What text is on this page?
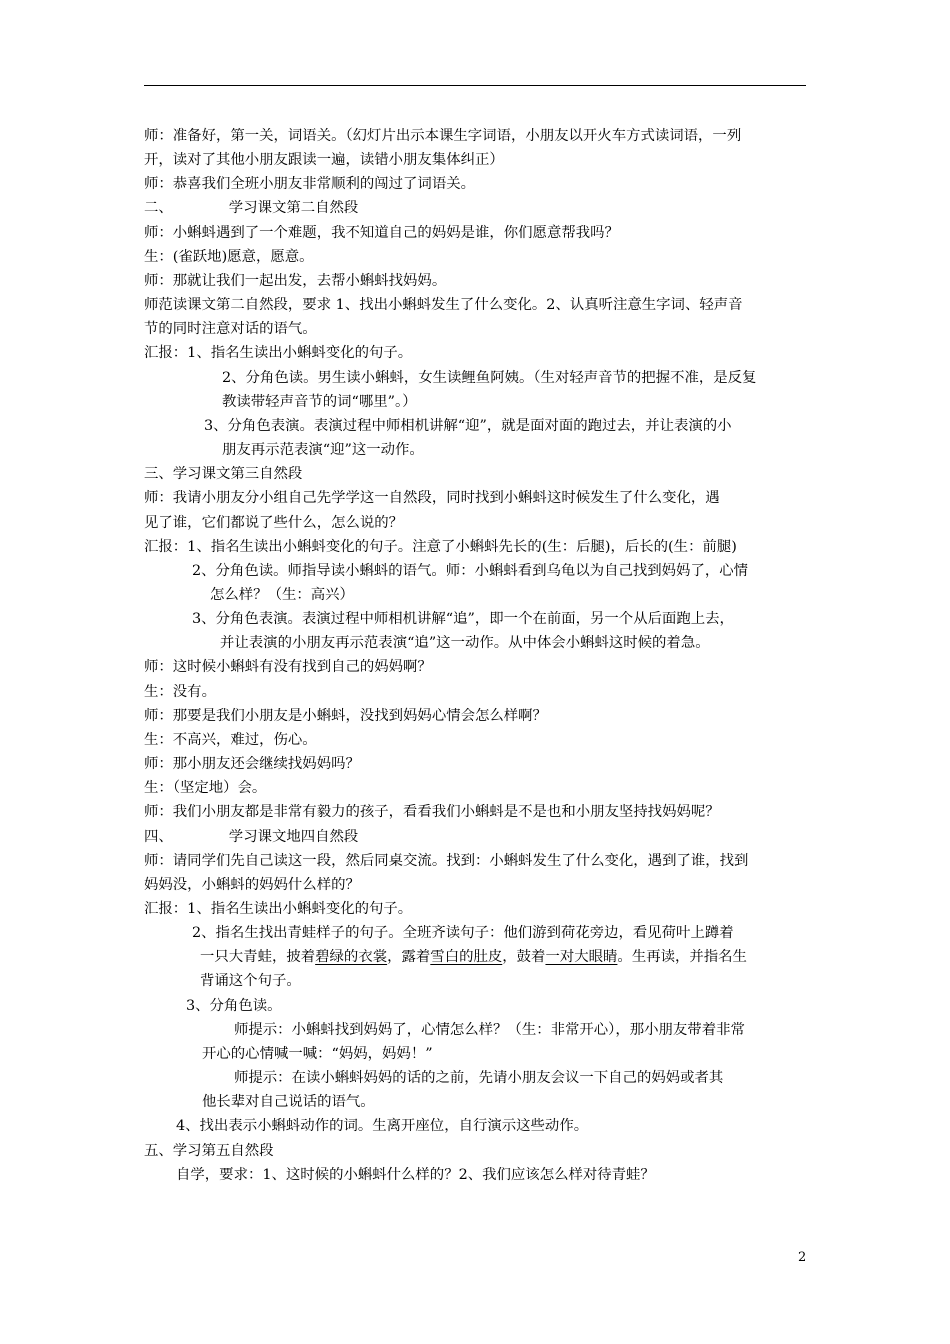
师：准备好，第一关，词语关。（幻灯片出示本课生字词语，小朋友以开火车方式读词语，一列

开，读对了其他小朋友跟读一遍，读错小朋友集体纠正）

师：恭喜我们全班小朋友非常顺利的闯过了词语关。

二、	学习课文第二自然段

师：小蝌蚪遇到了一个难题，我不知道自己的妈妈是谁，你们愿意帮我吗？

生：(雀跃地)愿意，愿意。

师：那就让我们一起出发，去帮小蝌蚪找妈妈。

师范读课文第二自然段，要求 1、找出小蝌蚪发生了什么变化。2、认真听注意生字词、轻声音

节的同时注意对话的语气。

汇报：1、指名生读出小蝌蚪变化的句子。

2、分角色读。男生读小蝌蚪，女生读鲤鱼阿姨。（生对轻声音节的把握不准，是反复

教读带轻声音节的词“哪里”。）

3、分角色表演。表演过程中师相机讲解“迎”，就是面对面的跑过去，并让表演的小

朋友再示范表演“迎”这一动作。

三、学习课文第三自然段

师：我请小朋友分小组自己先学学这一自然段，同时找到小蝌蚪这时候发生了什么变化，遇

见了谁，它们都说了些什么，怎么说的？

汇报：1、指名生读出小蝌蚪变化的句子。注意了小蝌蚪先长的(生：后腿)，后长的(生：前腿)

2、分角色读。师指导读小蝌蚪的语气。师：小蝌蚪看到乌龟以为自己找到妈妈了，心情

怎么样？（生：高兴）

3、分角色表演。表演过程中师相机讲解“追”，即一个在前面，另一个从后面跑上去，

并让表演的小朋友再示范表演“追”这一动作。从中体会小蝌蚪这时候的着急。

师：这时候小蝌蚪有没有找到自己的妈妈啊？

生：没有。

师：那要是我们小朋友是小蝌蚪，没找到妈妈心情会怎么样啊？

生：不高兴，难过，伤心。

师：那小朋友还会继续找妈妈吗？

生：（坚定地）会。

师：我们小朋友都是非常有毅力的孩子，看看我们小蝌蚪是不是也和小朋友坚持找妈妈呢？

四、	学习课文地四自然段

师：请同学们先自己读这一段，然后同桌交流。找到：小蝌蚪发生了什么变化，遇到了谁，找到

妈妈没，小蝌蚪的妈妈什么样的？

汇报：1、指名生读出小蝌蚪变化的句子。

2、指名生找出青蛙样子的句子。全班齐读句子：他们游到荷花旁边，看见荷叶上蹲着

一只大青蛙，披着碧绿的衣裳，露着雪白的肚皮，鼓着一对大眼睛。生再读，并指名生

背诵这个句子。

3、分角色读。

师提示：小蝌蚪找到妈妈了，心情怎么样？（生：非常开心），那小朋友带着非常

开心的心情喊一喊：“妈妈，妈妈！”

师提示：在读小蝌蚪妈妈的话的之前，先请小朋友会议一下自己的妈妈或者其

他长辈对自己说话的语气。

4、找出表示小蝌蚪动作的词。生离开座位，自行演示这些动作。

五、学习第五自然段

自学，要求：1、这时候的小蝌蚪什么样的？2、我们应该怎么样对待青蛙？

2
